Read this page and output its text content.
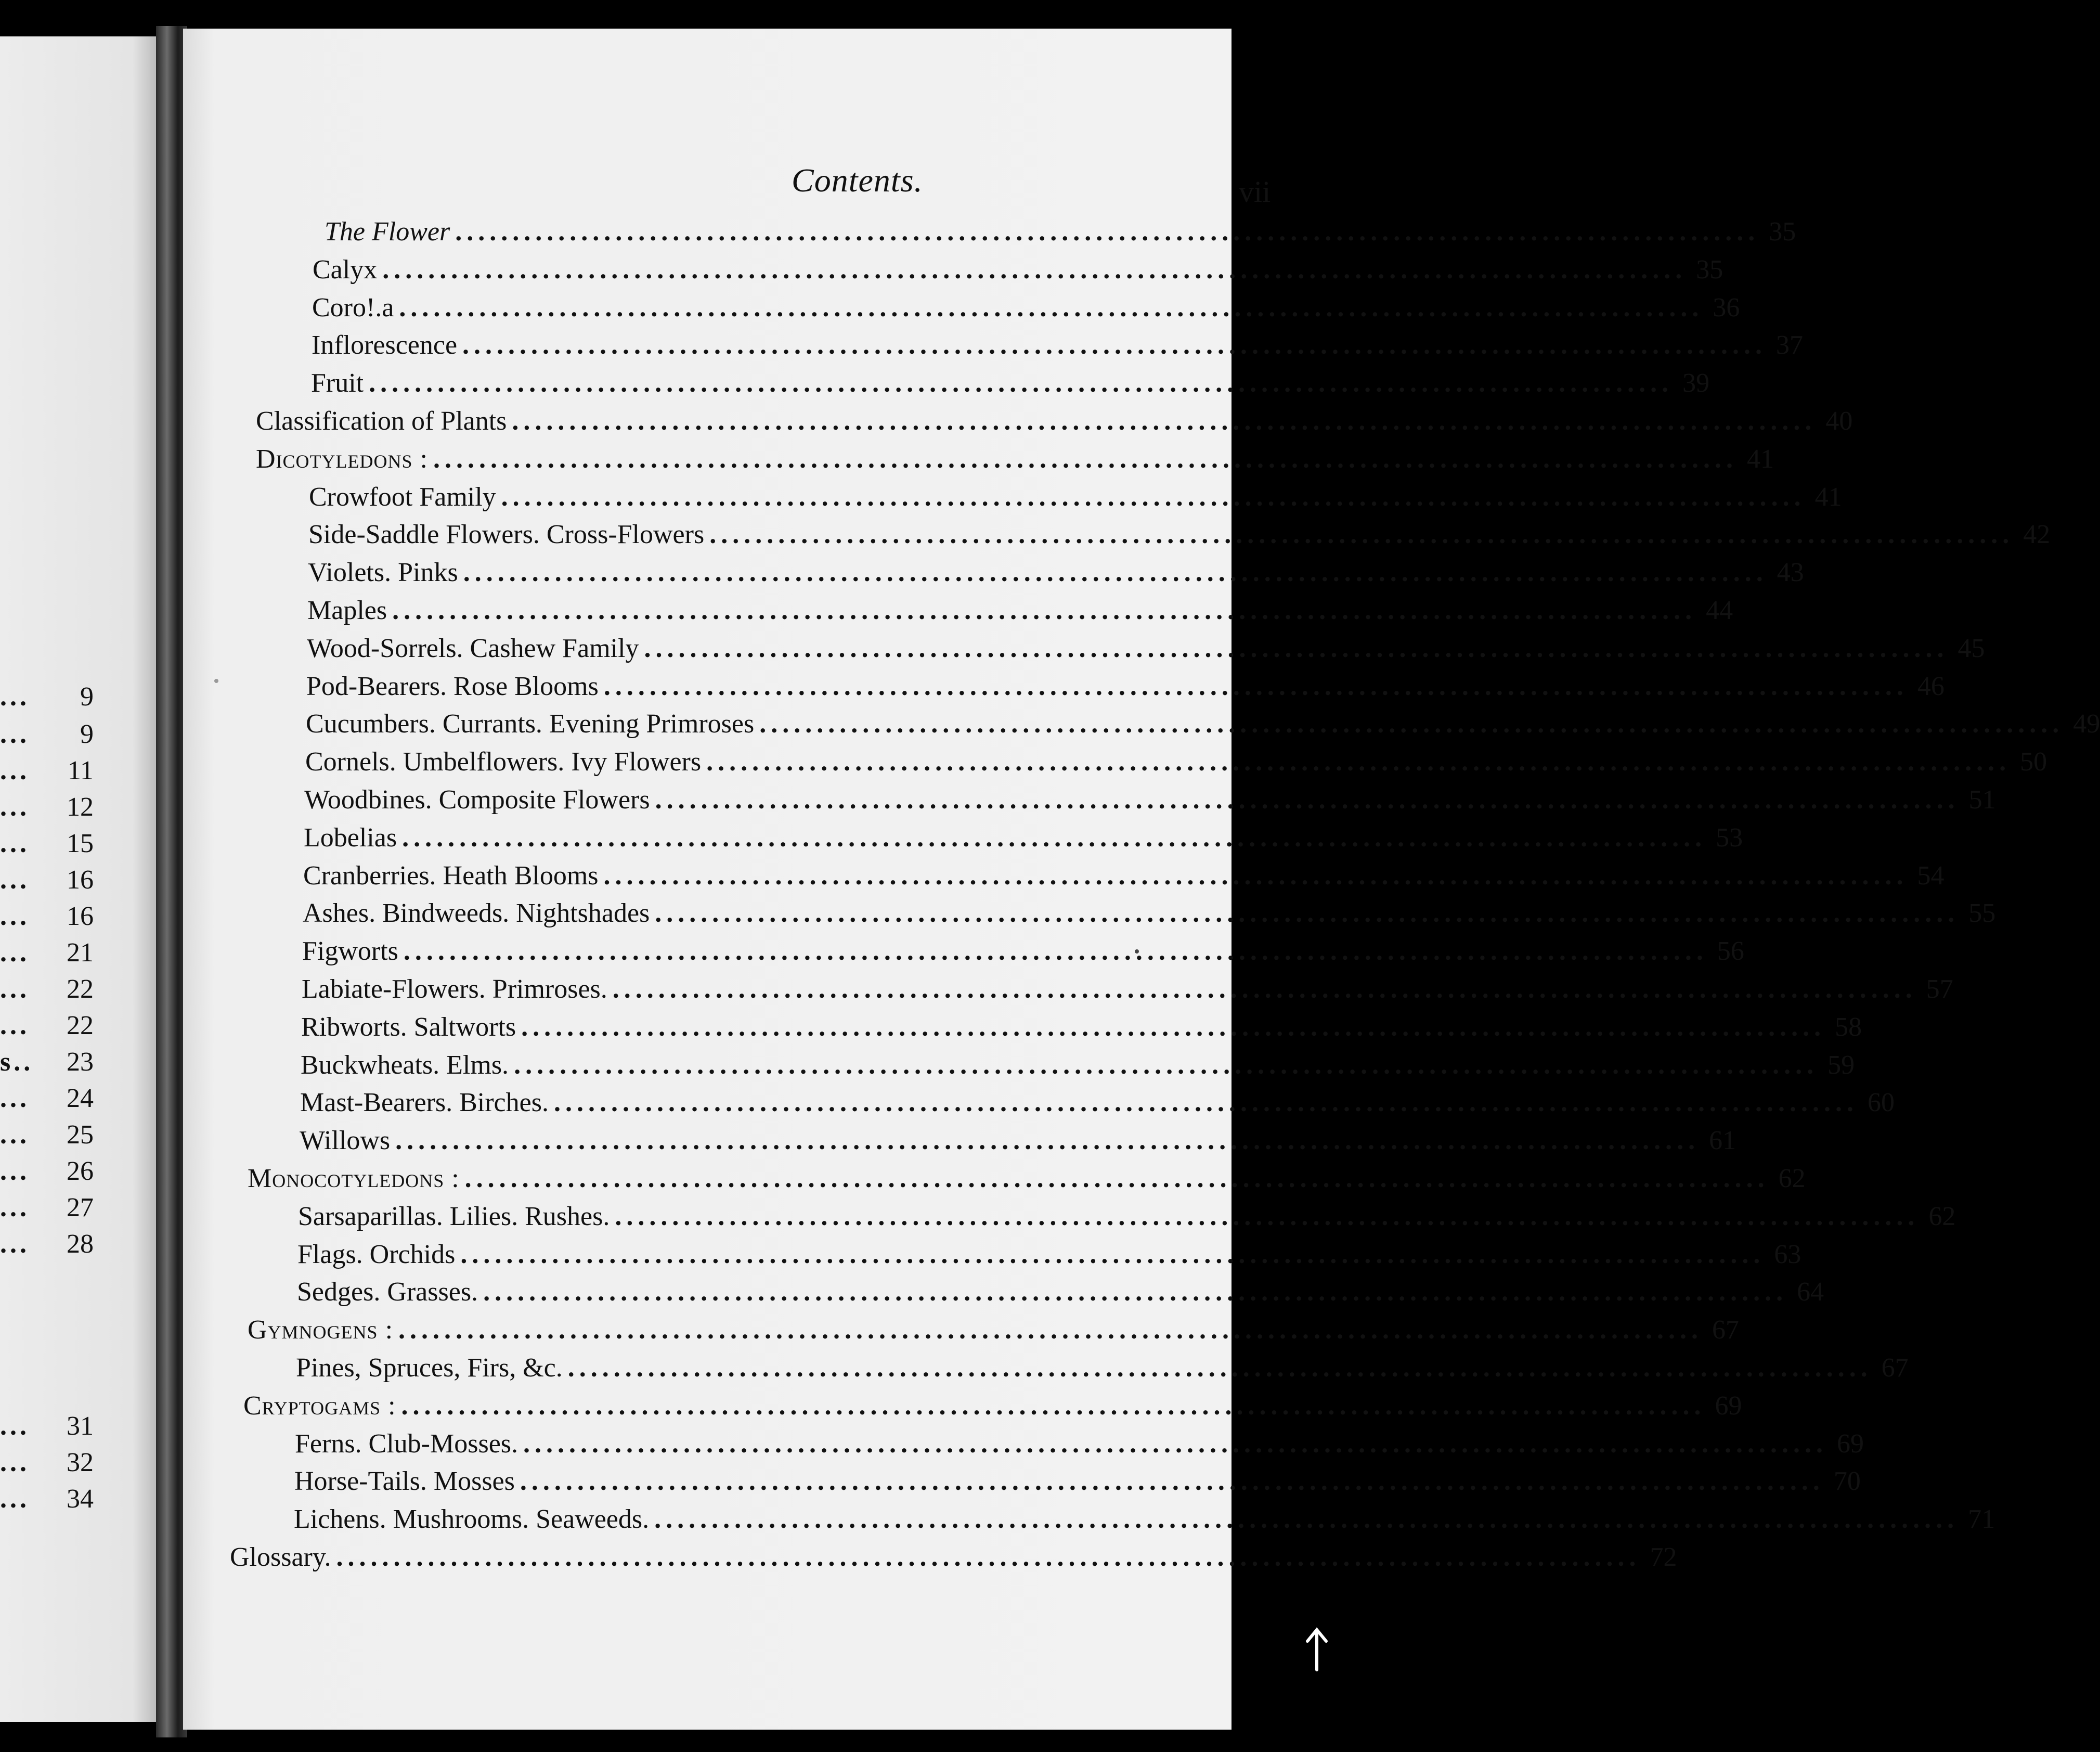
...	9
...	9
...	11
...	12
...	15
...	16
...	16
...	21
...	22
...	22
s..	23
...	24
...	25
...	26
...	27
...	28
...	31
...	32
...	34
Contents.	vii
The Flower .................................................................................................................. 35
Calyx .................................................................................................................. 35
Coro!.a .................................................................................................................. 36
Inflorescence .................................................................................................................. 37
Fruit .................................................................................................................. 39
Classification of Plants .................................................................................................................. 40
Dicotyledons : .................................................................................................................. 41
Crowfoot Family .................................................................................................................. 41
Side-Saddle Flowers. Cross-Flowers .................................................................................................................. 42
Violets. Pinks .................................................................................................................. 43
Maples .................................................................................................................. 44
Wood-Sorrels. Cashew Family .................................................................................................................. 45
Pod-Bearers. Rose Blooms .................................................................................................................. 46
Cucumbers. Currants. Evening Primroses .................................................................................................................. 49
Cornels. Umbelflowers. Ivy Flowers .................................................................................................................. 50
Woodbines. Composite Flowers .................................................................................................................. 51
Lobelias .................................................................................................................. 53
Cranberries. Heath Blooms .................................................................................................................. 54
Ashes. Bindweeds. Nightshades .................................................................................................................. 55
Figworts .................................................................................................................. 56
Labiate-Flowers. Primroses. .................................................................................................................. 57
Ribworts. Saltworts .................................................................................................................. 58
Buckwheats. Elms. .................................................................................................................. 59
Mast-Bearers. Birches. .................................................................................................................. 60
Willows .................................................................................................................. 61
Monocotyledons : .................................................................................................................. 62
Sarsaparillas. Lilies. Rushes. .................................................................................................................. 62
Flags. Orchids .................................................................................................................. 63
Sedges. Grasses. .................................................................................................................. 64
Gymnogens : .................................................................................................................. 67
Pines, Spruces, Firs, &c. .................................................................................................................. 67
Cryptogams : .................................................................................................................. 69
Ferns. Club-Mosses. .................................................................................................................. 69
Horse-Tails. Mosses .................................................................................................................. 70
Lichens. Mushrooms. Seaweeds. .................................................................................................................. 71
Glossary. .................................................................................................................. 72
